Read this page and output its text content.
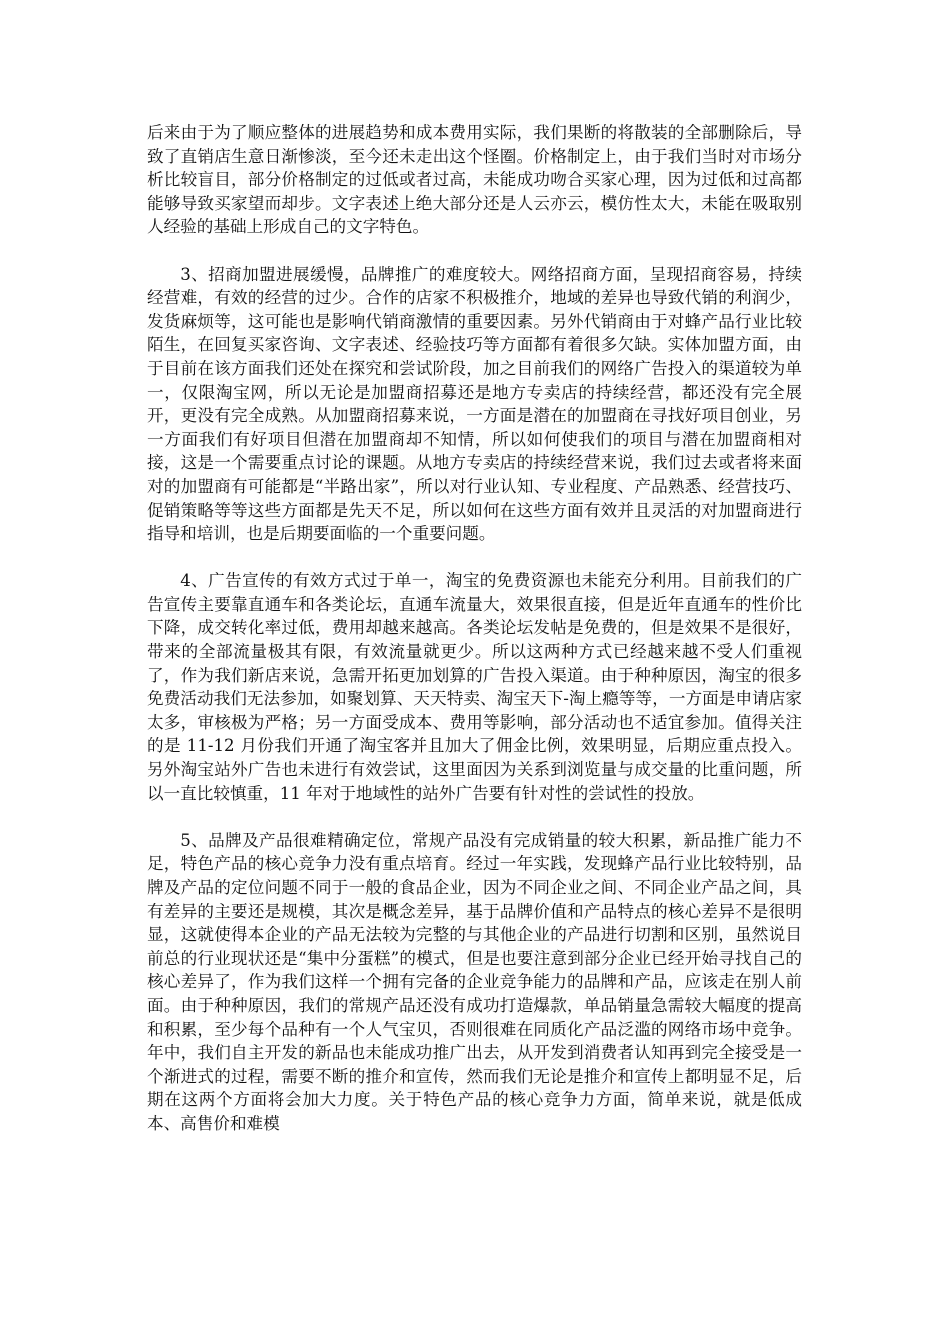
后来由于为了顺应整体的进展趋势和成本费用实际，我们果断的将散装的全部删除后，导致了直销店生意日渐惨淡，至今还未走出这个怪圈。价格制定上，由于我们当时对市场分析比较盲目，部分价格制定的过低或者过高，未能成功吻合买家心理，因为过低和过高都能够导致买家望而却步。文字表述上绝大部分还是人云亦云，模仿性太大，未能在吸取别人经验的基础上形成自己的文字特色。

3、招商加盟进展缓慢，品牌推广的难度较大。网络招商方面，呈现招商容易，持续经营难，有效的经营的过少。合作的店家不积极推介，地域的差异也导致代销的利润少，发货麻烦等，这可能也是影响代销商激情的重要因素。另外代销商由于对蜂产品行业比较陌生，在回复买家咨询、文字表述、经验技巧等方面都有着很多欠缺。实体加盟方面，由于目前在该方面我们还处在探究和尝试阶段，加之目前我们的网络广告投入的渠道较为单一，仅限淘宝网，所以无论是加盟商招募还是地方专卖店的持续经营，都还没有完全展开，更没有完全成熟。从加盟商招募来说，一方面是潜在的加盟商在寻找好项目创业，另一方面我们有好项目但潜在加盟商却不知情，所以如何使我们的项目与潜在加盟商相对接，这是一个需要重点讨论的课题。从地方专卖店的持续经营来说，我们过去或者将来面对的加盟商有可能都是“半路出家”，所以对行业认知、专业程度、产品熟悉、经营技巧、促销策略等等这些方面都是先天不足，所以如何在这些方面有效并且灵活的对加盟商进行指导和培训，也是后期要面临的一个重要问题。

4、广告宣传的有效方式过于单一，淘宝的免费资源也未能充分利用。目前我们的广告宣传主要靠直通车和各类论坛，直通车流量大，效果很直接，但是近年直通车的性价比下降，成交转化率过低，费用却越来越高。各类论坛发帖是免费的，但是效果不是很好，带来的全部流量极其有限，有效流量就更少。所以这两种方式已经越来越不受人们重视了，作为我们新店来说，急需开拓更加划算的广告投入渠道。由于种种原因，淘宝的很多免费活动我们无法参加，如聚划算、天天特卖、淘宝天下-淘上瘾等等，一方面是申请店家太多，审核极为严格；另一方面受成本、费用等影响，部分活动也不适宜参加。值得关注的是 11-12 月份我们开通了淘宝客并且加大了佣金比例，效果明显，后期应重点投入。另外淘宝站外广告也未进行有效尝试，这里面因为关系到浏览量与成交量的比重问题，所以一直比较慎重，11 年对于地域性的站外广告要有针对性的尝试性的投放。

5、品牌及产品很难精确定位，常规产品没有完成销量的较大积累，新品推广能力不足，特色产品的核心竞争力没有重点培育。经过一年实践，发现蜂产品行业比较特别，品牌及产品的定位问题不同于一般的食品企业，因为不同企业之间、不同企业产品之间，具有差异的主要还是规模，其次是概念差异，基于品牌价值和产品特点的核心差异不是很明显，这就使得本企业的产品无法较为完整的与其他企业的产品进行切割和区别，虽然说目前总的行业现状还是“集中分蛋糕”的模式，但是也要注意到部分企业已经开始寻找自己的核心差异了，作为我们这样一个拥有完备的企业竞争能力的品牌和产品，应该走在别人前面。由于种种原因，我们的常规产品还没有成功打造爆款，单品销量急需较大幅度的提高和积累，至少每个品种有一个人气宝贝，否则很难在同质化产品泛滥的网络市场中竞争。年中，我们自主开发的新品也未能成功推广出去，从开发到消费者认知再到完全接受是一个渐进式的过程，需要不断的推介和宣传，然而我们无论是推介和宣传上都明显不足，后期在这两个方面将会加大力度。关于特色产品的核心竞争力方面，简单来说，就是低成本、高售价和难模
